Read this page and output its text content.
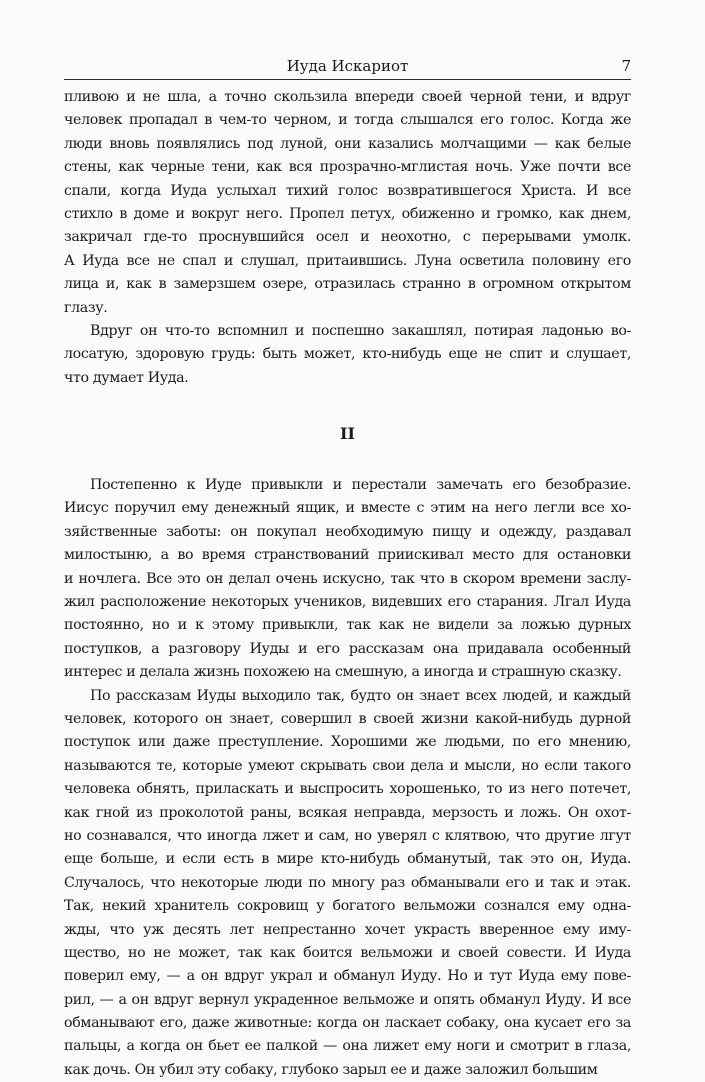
Иуда Искариот	7
пливою и не шла, а точно скользила впереди своей черной тени, и вдруг
человек пропадал в чем-то черном, и тогда слышался его голос. Когда же
люди вновь появлялись под луной, они казались молчащими — как белые
стены, как черные тени, как вся прозрачно-мглистая ночь. Уже почти все
спали, когда Иуда услыхал тихий голос возвратившегося Христа. И все
стихло в доме и вокруг него. Пропел петух, обиженно и громко, как днем,
закричал где-то проснувшийся осел и неохотно, с перерывами умолк.
А Иуда все не спал и слушал, притаившись. Луна осветила половину его
лица и, как в замерзшем озере, отразилась странно в огромном открытом
глазу.
Вдруг он что-то вспомнил и поспешно закашлял, потирая ладонью во-
лосатую, здоровую грудь: быть может, кто-нибудь еще не спит и слушает,
что думает Иуда.
II
Постепенно к Иуде привыкли и перестали замечать его безобразие.
Иисус поручил ему денежный ящик, и вместе с этим на него легли все хо-
зяйственные заботы: он покупал необходимую пищу и одежду, раздавал
милостыню, а во время странствований приискивал место для остановки
и ночлега. Все это он делал очень искусно, так что в скором времени заслу-
жил расположение некоторых учеников, видевших его старания. Лгал Иуда
постоянно, но и к этому привыкли, так как не видели за ложью дурных
поступков, а разговору Иуды и его рассказам она придавала особенный
интерес и делала жизнь похожею на смешную, а иногда и страшную сказку.
По рассказам Иуды выходило так, будто он знает всех людей, и каждый
человек, которого он знает, совершил в своей жизни какой-нибудь дурной
поступок или даже преступление. Хорошими же людьми, по его мнению,
называются те, которые умеют скрывать свои дела и мысли, но если такого
человека обнять, приласкать и выспросить хорошенько, то из него потечет,
как гной из проколотой раны, всякая неправда, мерзость и ложь. Он охот-
но сознавался, что иногда лжет и сам, но уверял с клятвою, что другие лгут
еще больше, и если есть в мире кто-нибудь обманутый, так это он, Иуда.
Случалось, что некоторые люди по многу раз обманывали его и так и этак.
Так, некий хранитель сокровищ у богатого вельможи сознался ему однa-
жды, что уж десять лет непрестанно хочет украсть вверенное ему иму-
щество, но не может, так как боится вельможи и своей совести. И Иуда
поверил ему, — а он вдруг украл и обманул Иуду. Но и тут Иуда ему пове-
рил, — а он вдруг вернул украденное вельможе и опять обманул Иуду. И все
обманывают его, даже животные: когда он ласкает собаку, она кусает его за
пальцы, а когда он бьет ее палкой — она лижет ему ноги и смотрит в глаза,
как дочь. Он убил эту собаку, глубоко зарыл ее и даже заложил большим
